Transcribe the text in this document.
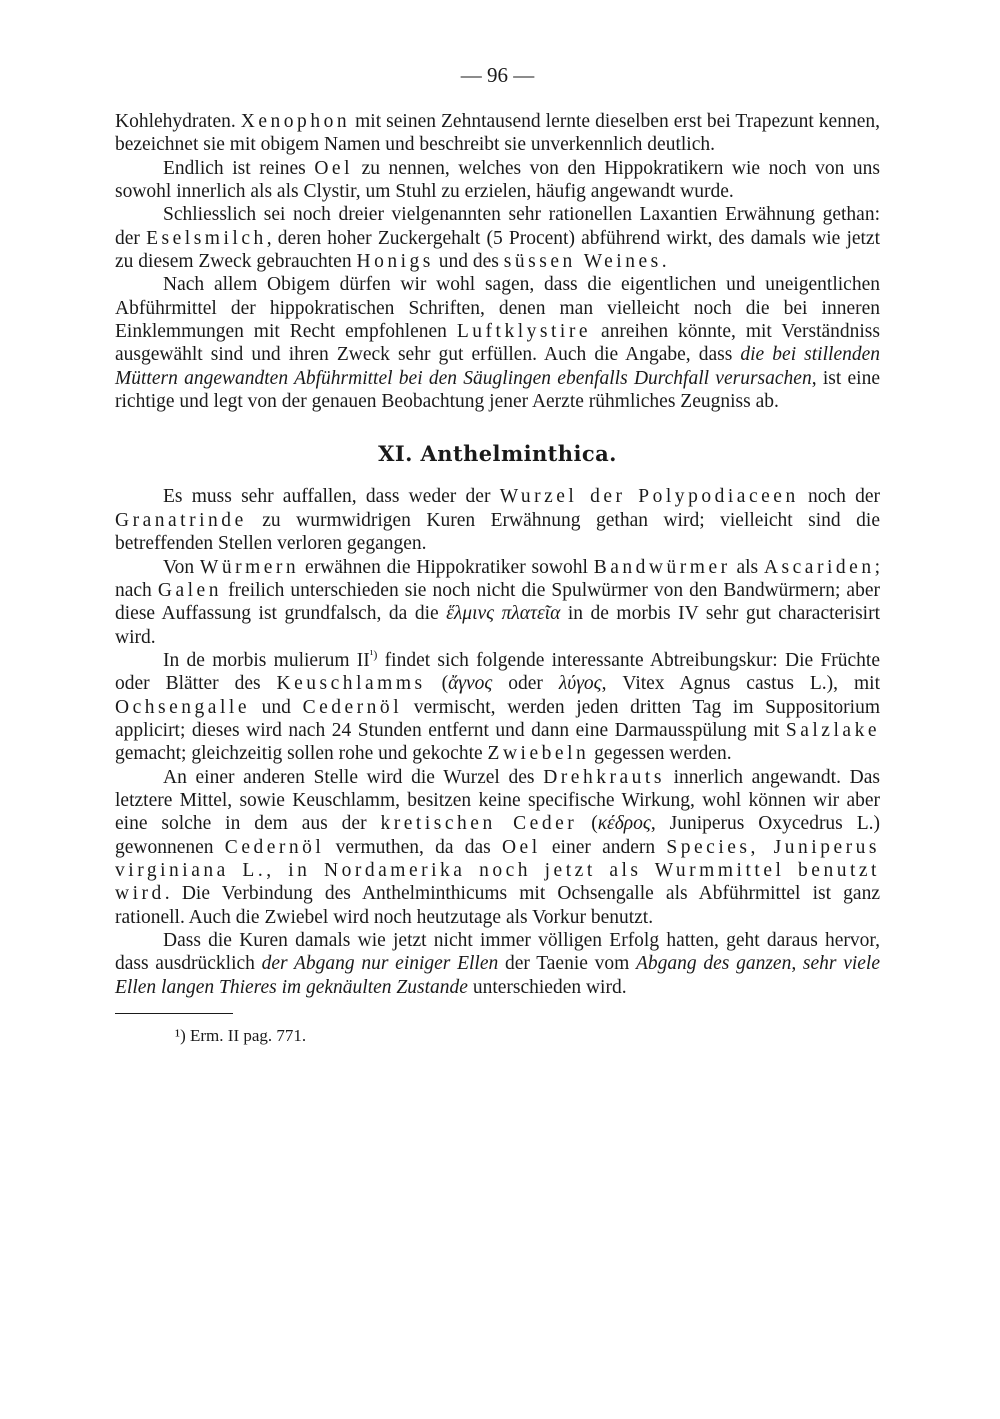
— 96 —

Kohlehydraten. Xenophon mit seinen Zehntausend lernte dieselben erst bei Trapezunt kennen, bezeichnet sie mit obigem Namen und beschreibt sie unverkennlich deutlich.

Endlich ist reines Oel zu nennen, welches von den Hippokratikern wie noch von uns sowohl innerlich als als Clystir, um Stuhl zu erzielen, häufig angewandt wurde.

Schliesslich sei noch dreier vielgenannten sehr rationellen Laxantien Erwähnung gethan: der Eselsmilch, deren hoher Zuckergehalt (5 Procent) abführend wirkt, des damals wie jetzt zu diesem Zweck gebrauchten Honigs und des süssen Weines.

Nach allem Obigem dürfen wir wohl sagen, dass die eigentlichen und uneigentlichen Abführmittel der hippokratischen Schriften, denen man vielleicht noch die bei inneren Einklemmungen mit Recht empfohlenen Luftklystire anreihen könnte, mit Verständniss ausgewählt sind und ihren Zweck sehr gut erfüllen. Auch die Angabe, dass die bei stillenden Müttern angewandten Abführmittel bei den Säuglingen ebenfalls Durchfall verursachen, ist eine richtige und legt von der genauen Beobachtung jener Aerzte rühmliches Zeugniss ab.

XI. Anthelminthica.

Es muss sehr auffallen, dass weder der Wurzel der Polypodiaceen noch der Granatrinde zu wurmwidrigen Kuren Erwähnung gethan wird; vielleicht sind die betreffenden Stellen verloren gegangen.

Von Würmern erwähnen die Hippokratiker sowohl Bandwürmer als Ascariden; nach Galen freilich unterschieden sie noch nicht die Spulwürmer von den Bandwürmern; aber diese Auffassung ist grundfalsch, da die ἕλμινς πλατεῖα in de morbis IV sehr gut characterisirt wird.

In de morbis mulierum $II^{^1)}$ findet sich folgende interessante Abtreibungskur: Die Früchte oder Blätter des Keuschlamms (ἄγνος oder λύγος, Vitex Agnus castus L.), mit Ochsengalle und Cedernöl vermischt, werden jeden dritten Tag im Suppositorium applicirt; dieses wird nach 24 Stunden entfernt und dann eine Darmausspülung mit Salzlake gemacht; gleichzeitig sollen rohe und gekochte Zwiebeln gegessen werden.

An einer anderen Stelle wird die Wurzel des Drehkrauts innerlich angewandt. Das letztere Mittel, sowie Keuschlamm, besitzen keine specifische Wirkung, wohl können wir aber eine solche in dem aus der kretischen Ceder (κέδρος, Juniperus Oxycedrus L.) gewonnenen Cedernöl vermuthen, da das Oel einer andern Species, Juniperus virginiana L., in Nordamerika noch jetzt als Wurmmittel benutzt wird. Die Verbindung des Anthelminthicums mit Ochsengalle als Abführmittel ist ganz rationell. Auch die Zwiebel wird noch heutzutage als Vorkur benutzt.

Dass die Kuren damals wie jetzt nicht immer völligen Erfolg hatten, geht daraus hervor, dass ausdrücklich der Abgang nur einiger Ellen der Taenie vom Abgang des ganzen, sehr viele Ellen langen Thieres im geknäulten Zustande unterschieden wird.

¹) Erm. II pag. 771.
